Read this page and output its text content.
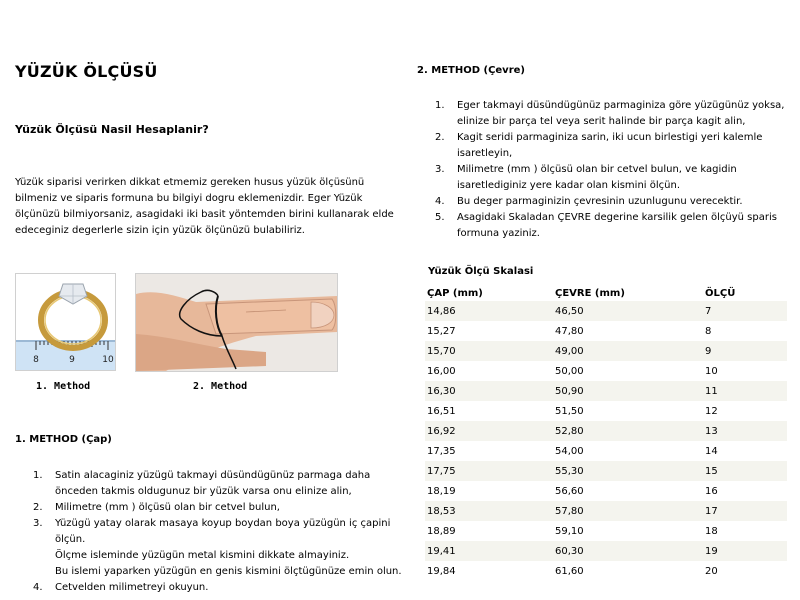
YÜZÜK ÖLÇÜSÜ
Yüzük Ölçüsü Nasil Hesaplanir?
Yüzük siparisi verirken dikkat etmemiz gereken husus yüzük ölçüsünü bilmeniz ve siparis formuna bu bilgiyi dogru eklemenizdir. Eger Yüzük ölçünüzü bilmiyorsaniz, asagidaki iki basit yöntemden birini kullanarak elde edeceginiz degerlerle sizin için yüzük ölçünüzü bulabiliriz.
8	9	10
1. Method	2. Method
1. METHOD (Çap)
1. Satin alacaginiz yüzügü takmayi düsündügünüz parmaga daha önceden takmis oldugunuz bir yüzük varsa onu elinize alin,
2. Milimetre (mm ) ölçüsü olan bir cetvel bulun,
3. Yüzügü yatay olarak masaya koyup boydan boya yüzügün iç çapini ölçün.
Ölçme isleminde yüzügün metal kismini dikkate almayiniz.
Bu islemi yaparken yüzügün en genis kismini ölçtügünüze emin olun.
4. Cetvelden milimetreyi okuyun.
2. METHOD (Çevre)
1. Eger takmayi düsündügünüz parmaginiza göre yüzügünüz yoksa, elinize bir parça tel veya serit halinde bir parça kagit alin,
2. Kagit seridi parmaginiza sarin, iki ucun birlestigi yeri kalemle isaretleyin,
3. Milimetre (mm ) ölçüsü olan bir cetvel bulun, ve kagidin isaretlediginiz yere kadar olan kismini ölçün.
4. Bu deger parmaginizin çevresinin uzunlugunu verecektir.
5. Asagidaki Skaladan ÇEVRE degerine karsilik gelen ölçüyü sparis formuna yaziniz.
Yüzük Ölçü Skalasi
ÇAP (mm)	ÇEVRE (mm)	ÖLÇÜ
14,86	46,50	7
15,27	47,80	8
15,70	49,00	9
16,00	50,00	10
16,30	50,90	11
16,51	51,50	12
16,92	52,80	13
17,35	54,00	14
17,75	55,30	15
18,19	56,60	16
18,53	57,80	17
18,89	59,10	18
19,41	60,30	19
19,84	61,60	20
